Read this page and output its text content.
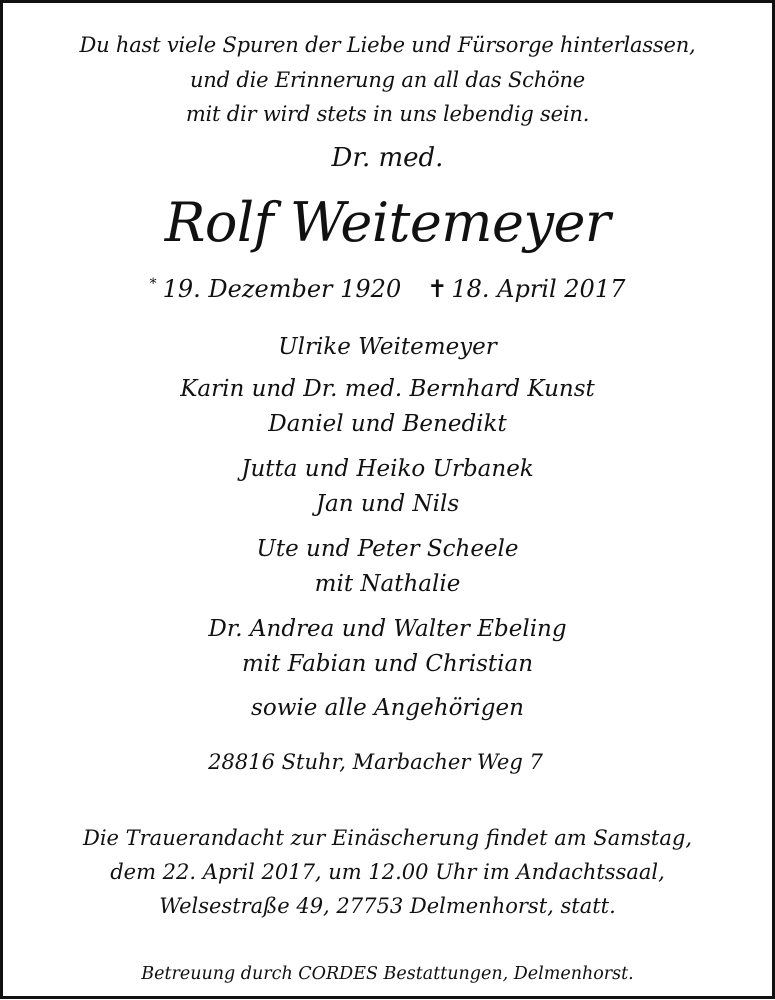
Du hast viele Spuren der Liebe und Fürsorge hinterlassen,
und die Erinnerung an all das Schöne
mit dir wird stets in uns lebendig sein.
Dr. med.
Rolf Weitemeyer
* 19. Dezember 1920 ✝ 18. April 2017
Ulrike Weitemeyer
Karin und Dr. med. Bernhard Kunst
Daniel und Benedikt
Jutta und Heiko Urbanek
Jan und Nils
Ute und Peter Scheele
mit Nathalie
Dr. Andrea und Walter Ebeling
mit Fabian und Christian
sowie alle Angehörigen
28816 Stuhr, Marbacher Weg 7
Die Trauerandacht zur Einäscherung findet am Samstag,
dem 22. April 2017, um 12.00 Uhr im Andachtssaal,
Welsestraße 49, 27753 Delmenhorst, statt.
Betreuung durch CORDES Bestattungen, Delmenhorst.
